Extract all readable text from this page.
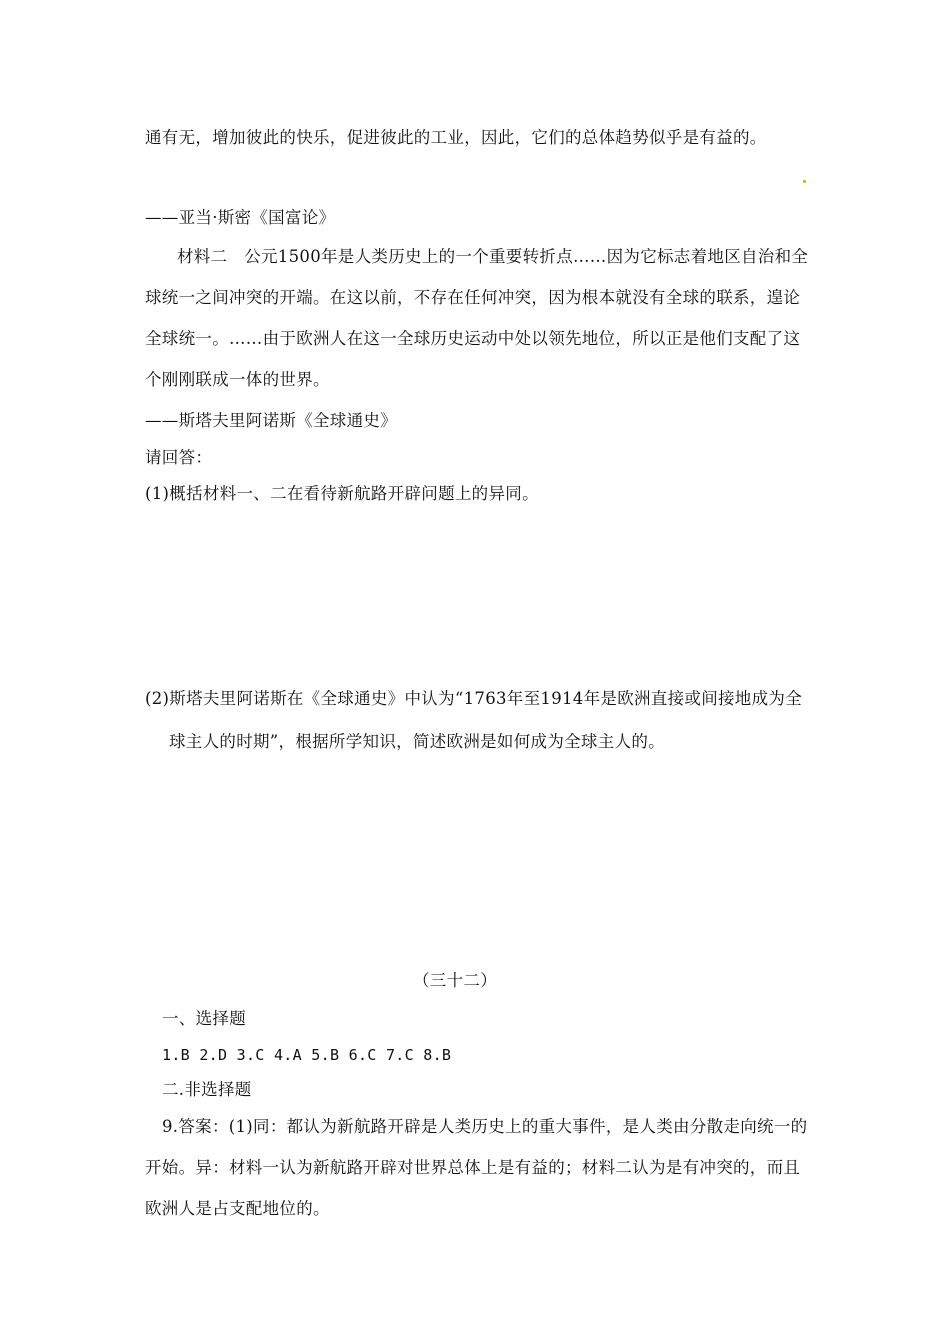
通有无，增加彼此的快乐，促进彼此的工业，因此，它们的总体趋势似乎是有益的。
——亚当·斯密《国富论》
材料二　公元1500年是人类历史上的一个重要转折点……因为它标志着地区自治和全
球统一之间冲突的开端。在这以前，不存在任何冲突，因为根本就没有全球的联系，遑论
全球统一。……由于欧洲人在这一全球历史运动中处以领先地位，所以正是他们支配了这
个刚刚联成一体的世界。
——斯塔夫里阿诺斯《全球通史》
请回答：
(1)概括材料一、二在看待新航路开辟问题上的异同。
(2)斯塔夫里阿诺斯在《全球通史》中认为“1763年至1914年是欧洲直接或间接地成为全
球主人的时期”，根据所学知识，简述欧洲是如何成为全球主人的。
（三十二）
一、选择题
1.B 2.D 3.C 4.A 5.B 6.C 7.C 8.B
二.非选择题
9.答案：(1)同：都认为新航路开辟是人类历史上的重大事件，是人类由分散走向统一的
开始。异：材料一认为新航路开辟对世界总体上是有益的；材料二认为是有冲突的，而且
欧洲人是占支配地位的。
